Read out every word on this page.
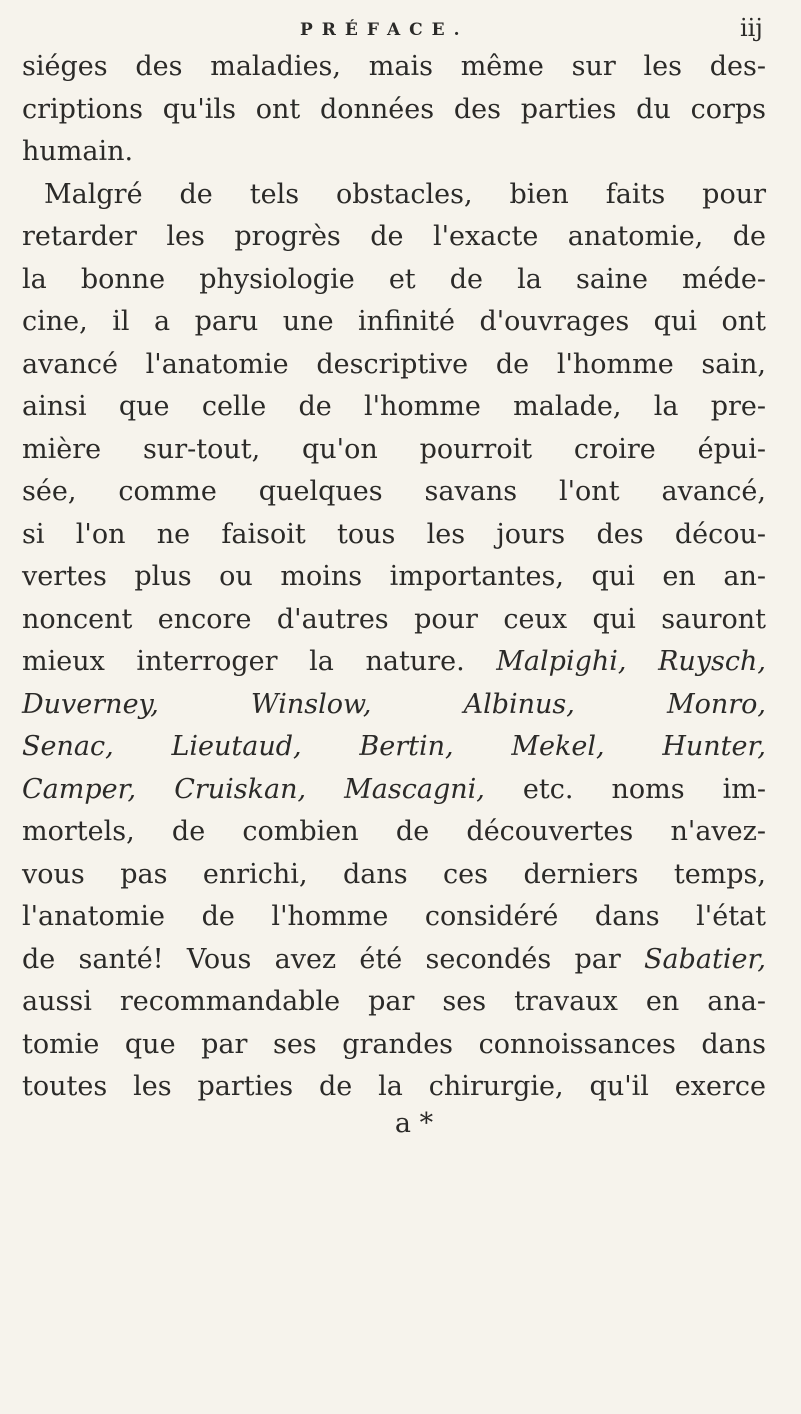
PRÉFACE.	iij
siéges des maladies, mais même sur les des-
criptions qu'ils ont données des parties du corps
humain.
Malgré de tels obstacles, bien faits pour
retarder les progrès de l'exacte anatomie, de
la bonne physiologie et de la saine méde-
cine, il a paru une infinité d'ouvrages qui ont
avancé l'anatomie descriptive de l'homme sain,
ainsi que celle de l'homme malade, la pre-
mière sur-tout, qu'on pourroit croire épui-
sée, comme quelques savans l'ont avancé,
si l'on ne faisoit tous les jours des décou-
vertes plus ou moins importantes, qui en an-
noncent encore d'autres pour ceux qui sauront
mieux interroger la nature. Malpighi, Ruysch,
Duverney, Winslow, Albinus, Monro,
Senac, Lieutaud, Bertin, Mekel, Hunter,
Camper, Cruiskan, Mascagni, etc. noms im-
mortels, de combien de découvertes n'avez-
vous pas enrichi, dans ces derniers temps,
l'anatomie de l'homme considéré dans l'état
de santé! Vous avez été secondés par Sabatier,
aussi recommandable par ses travaux en ana-
tomie que par ses grandes connoissances dans
toutes les parties de la chirurgie, qu'il exerce
a *
